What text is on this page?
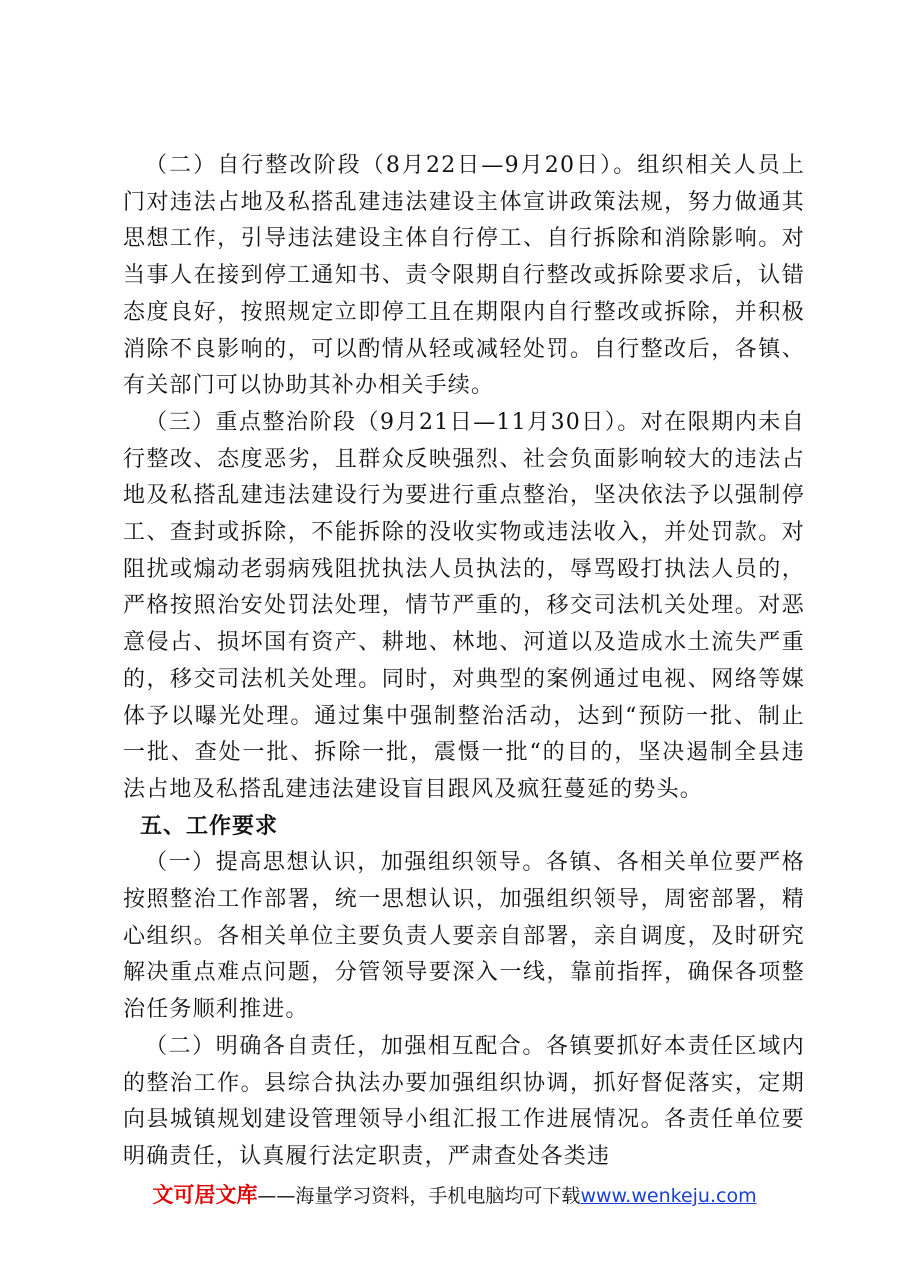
（二）自行整改阶段（8月22日—9月20日）。组织相关人员上门对违法占地及私搭乱建违法建设主体宣讲政策法规，努力做通其思想工作，引导违法建设主体自行停工、自行拆除和消除影响。对当事人在接到停工通知书、责令限期自行整改或拆除要求后，认错态度良好，按照规定立即停工且在期限内自行整改或拆除，并积极消除不良影响的，可以酌情从轻或减轻处罚。自行整改后，各镇、有关部门可以协助其补办相关手续。

（三）重点整治阶段（9月21日—11月30日）。对在限期内未自行整改、态度恶劣，且群众反映强烈、社会负面影响较大的违法占地及私搭乱建违法建设行为要进行重点整治，坚决依法予以强制停工、查封或拆除，不能拆除的没收实物或违法收入，并处罚款。对阻扰或煽动老弱病残阻扰执法人员执法的，辱骂殴打执法人员的，严格按照治安处罚法处理，情节严重的，移交司法机关处理。对恶意侵占、损坏国有资产、耕地、林地、河道以及造成水土流失严重的，移交司法机关处理。同时，对典型的案例通过电视、网络等媒体予以曝光处理。通过集中强制整治活动，达到“预防一批、制止一批、查处一批、拆除一批，震慑一批“的目的，坚决遏制全县违法占地及私搭乱建违法建设盲目跟风及疯狂蔓延的势头。

五、工作要求

（一）提高思想认识，加强组织领导。各镇、各相关单位要严格按照整治工作部署，统一思想认识，加强组织领导，周密部署，精心组织。各相关单位主要负责人要亲自部署，亲自调度，及时研究解决重点难点问题，分管领导要深入一线，靠前指挥，确保各项整治任务顺利推进。

（二）明确各自责任，加强相互配合。各镇要抓好本责任区域内的整治工作。县综合执法办要加强组织协调，抓好督促落实，定期向县城镇规划建设管理领导小组汇报工作进展情况。各责任单位要明确责任，认真履行法定职责，严肃查处各类违

文可居文库——海量学习资料，手机电脑均可下载www.wenkeju.com
